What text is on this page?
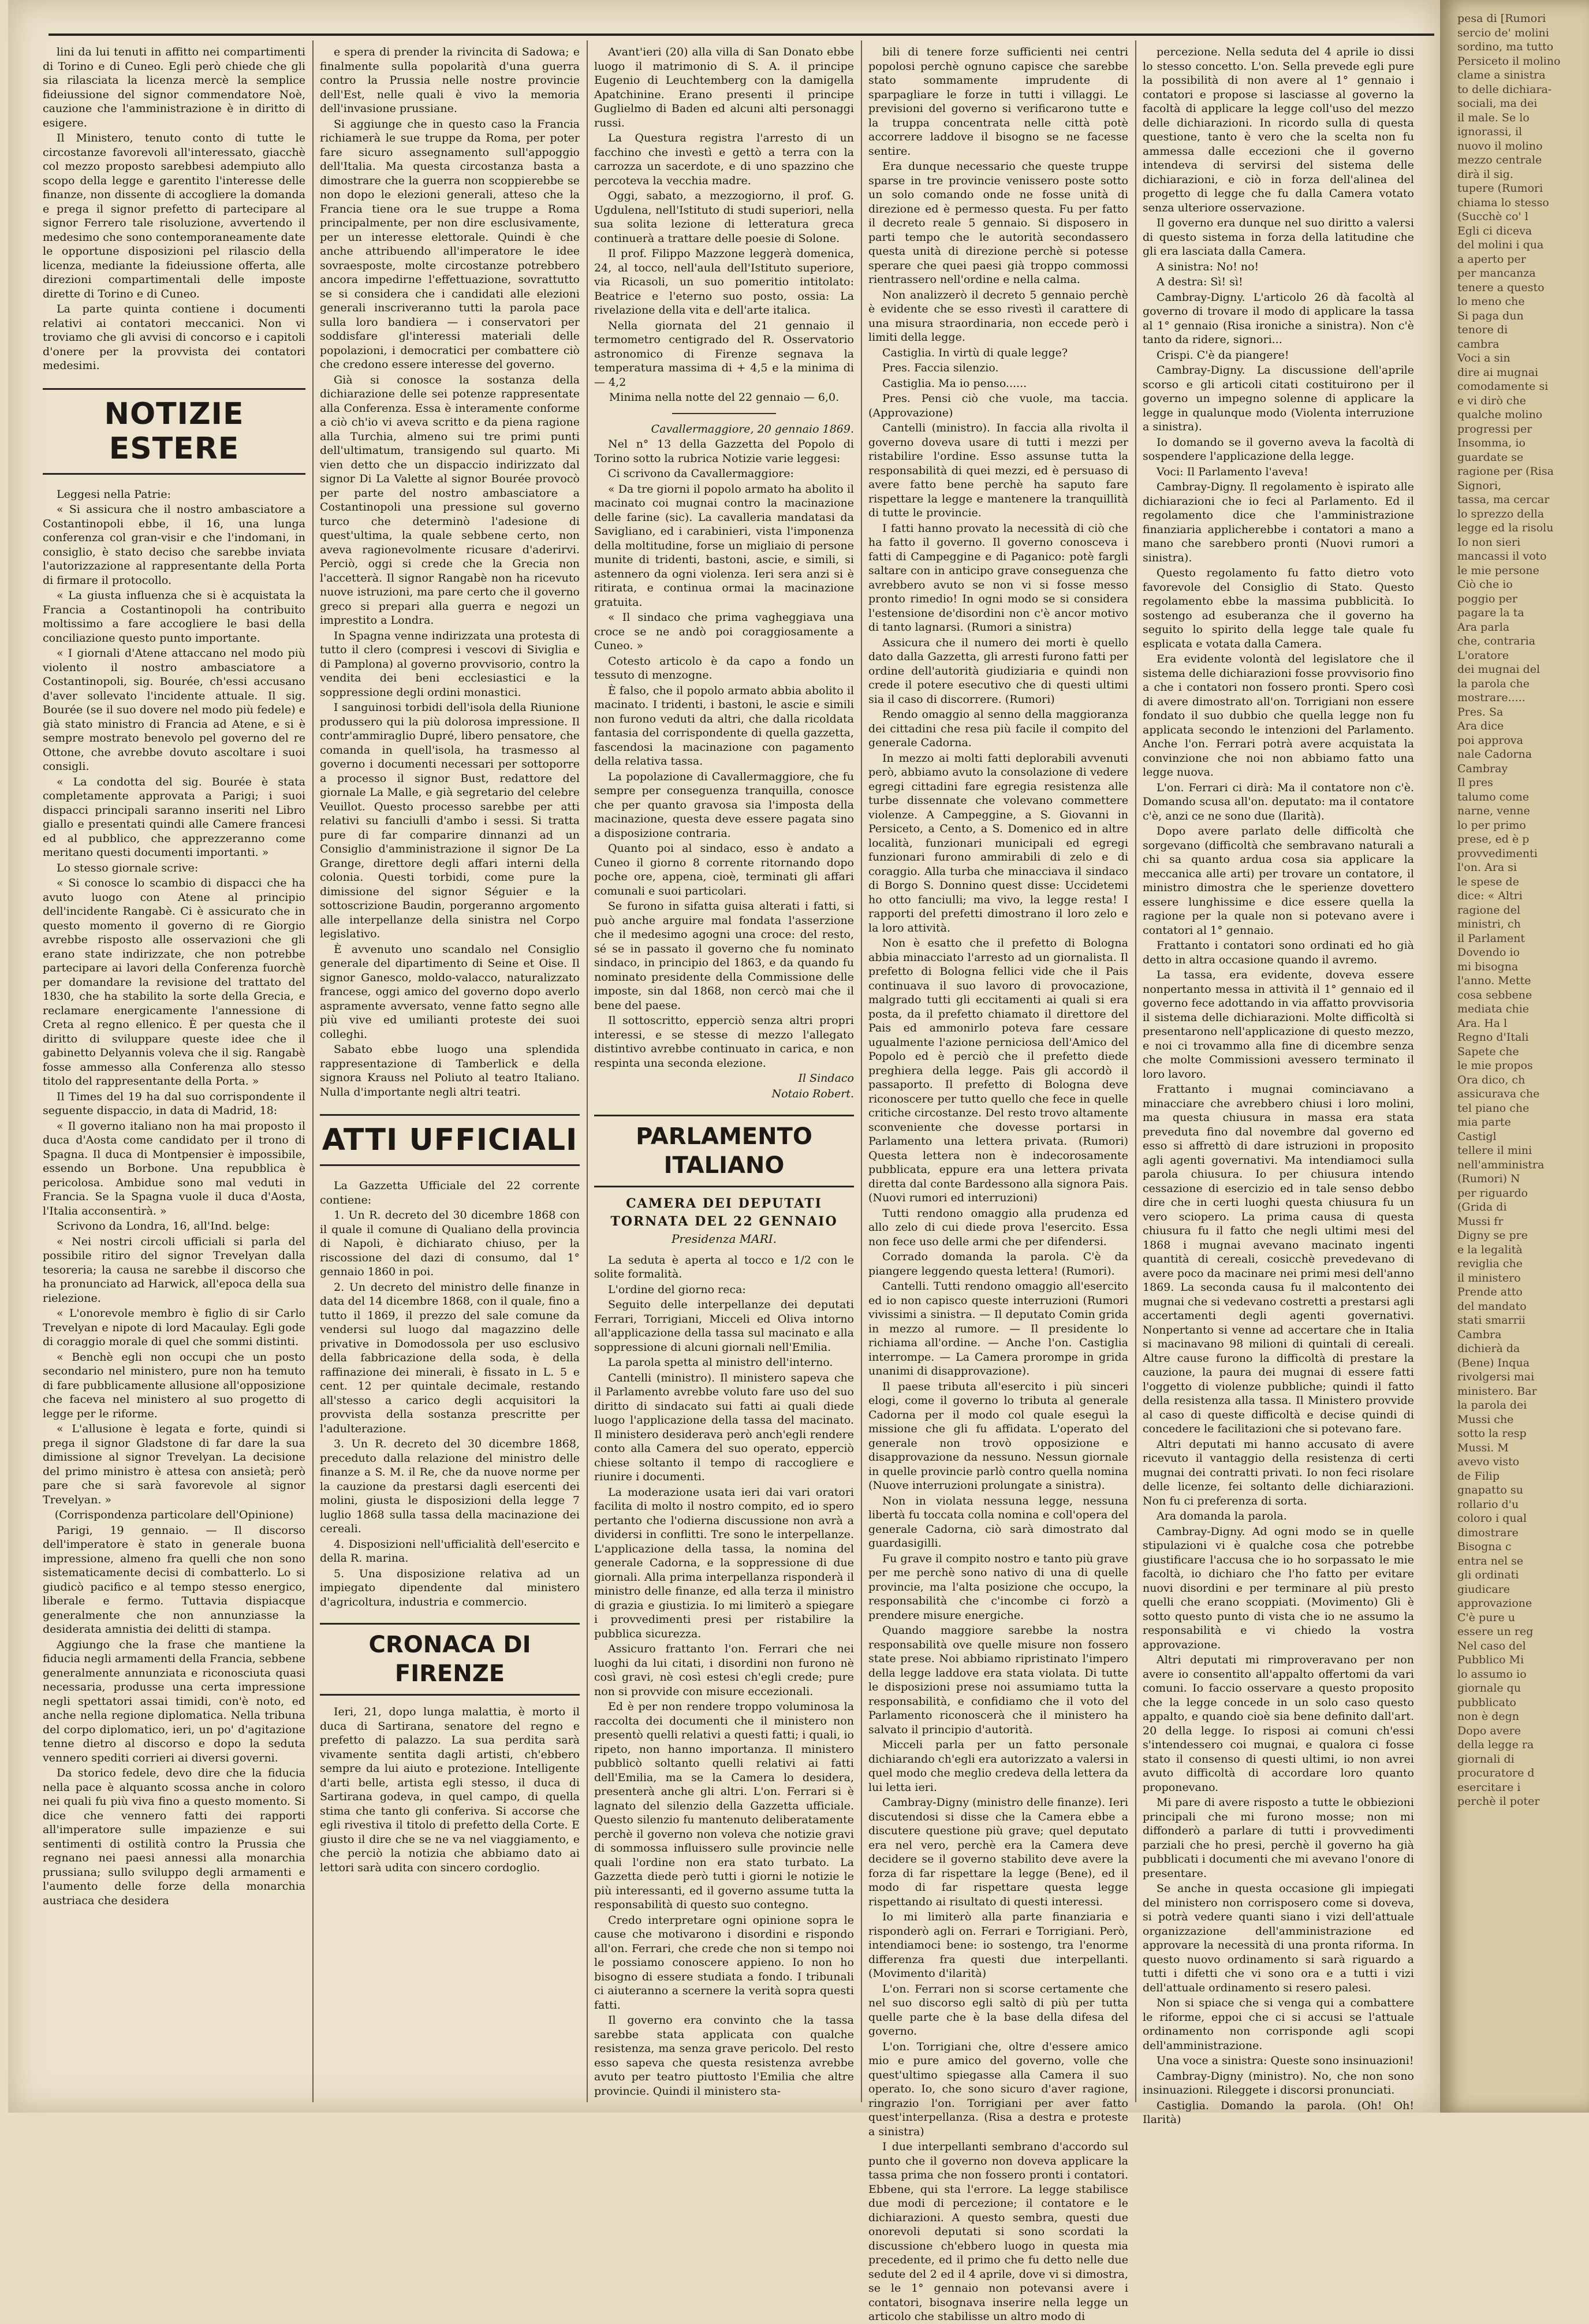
lini da lui tenuti in affitto nei compartimenti di Torino e di Cuneo. Egli però chiede che gli sia rilasciata la licenza mercè la semplice fideiussione del signor commendatore Noè, cauzione che l'amministrazione è in diritto di esigere.

Il Ministero, tenuto conto di tutte le circostanze favorevoli all'interessato, giacchè col mezzo proposto sarebbesi adempiuto allo scopo della legge e garentito l'interesse delle finanze, non dissente di accogliere la domanda e prega il signor prefetto di partecipare al signor Ferrero tale risoluzione, avvertendo il medesimo che sono contemporaneamente date le opportune disposizioni pel rilascio della licenza, mediante la fideiussione offerta, alle direzioni compartimentali delle imposte dirette di Torino e di Cuneo.

La parte quinta contiene i documenti relativi ai contatori meccanici. Non vi troviamo che gli avvisi di concorso e i capitoli d'onere per la provvista dei contatori medesimi.

NOTIZIE ESTERE

Leggesi nella Patrie:

« Si assicura che il nostro ambasciatore a Costantinopoli ebbe, il 16, una lunga conferenza col gran-visir e che l'indomani, in consiglio, è stato deciso che sarebbe inviata l'autorizzazione al rappresentante della Porta di firmare il protocollo.

« La giusta influenza che si è acquistata la Francia a Costantinopoli ha contribuito moltissimo a fare accogliere le basi della conciliazione questo punto importante.

« I giornali d'Atene attaccano nel modo più violento il nostro ambasciatore a Costantinopoli, sig. Bourée, ch'essi accusano d'aver sollevato l'incidente attuale. Il sig. Bourée (se il suo dovere nel modo più fedele) e già stato ministro di Francia ad Atene, e si è sempre mostrato benevolo pel governo del re Ottone, che avrebbe dovuto ascoltare i suoi consigli.

« La condotta del sig. Bourée è stata completamente approvata a Parigi; i suoi dispacci principali saranno inseriti nel Libro giallo e presentati quindi alle Camere francesi ed al pubblico, che apprezzeranno come meritano questi documenti importanti. »

Lo stesso giornale scrive:

« Si conosce lo scambio di dispacci che ha avuto luogo con Atene al principio dell'incidente Rangabè. Ci è assicurato che in questo momento il governo di re Giorgio avrebbe risposto alle osservazioni che gli erano state indirizzate, che non potrebbe partecipare ai lavori della Conferenza fuorchè per domandare la revisione del trattato del 1830, che ha stabilito la sorte della Grecia, e reclamare energicamente l'annessione di Creta al regno ellenico. È per questa che il diritto di sviluppare queste idee che il gabinetto Delyannis voleva che il sig. Rangabè fosse ammesso alla Conferenza allo stesso titolo del rappresentante della Porta. »

Il Times del 19 ha dal suo corrispondente il seguente dispaccio, in data di Madrid, 18:

« Il governo italiano non ha mai proposto il duca d'Aosta come candidato per il trono di Spagna. Il duca di Montpensier è impossibile, essendo un Borbone. Una repubblica è pericolosa. Ambidue sono mal veduti in Francia. Se la Spagna vuole il duca d'Aosta, l'Italia acconsentirà. »

Scrivono da Londra, 16, all'Ind. belge:

« Nei nostri circoli ufficiali si parla del possibile ritiro del signor Trevelyan dalla tesoreria; la causa ne sarebbe il discorso che ha pronunciato ad Harwick, all'epoca della sua rielezione.

« L'onorevole membro è figlio di sir Carlo Trevelyan e nipote di lord Macaulay. Egli gode di coraggio morale di quel che sommi distinti.

« Benchè egli non occupi che un posto secondario nel ministero, pure non ha temuto di fare pubblicamente allusione all'opposizione che faceva nel ministero al suo progetto di legge per le riforme.

« L'allusione è legata e forte, quindi si prega il signor Gladstone di far dare la sua dimissione al signor Trevelyan. La decisione del primo ministro è attesa con ansietà; però pare che si sarà favorevole al signor Trevelyan. »

(Corrispondenza particolare dell'Opinione)

Parigi, 19 gennaio. — Il discorso dell'imperatore è stato in generale buona impressione, almeno fra quelli che non sono sistematicamente decisi di combatterlo. Lo si giudicò pacifico e al tempo stesso energico, liberale e fermo. Tuttavia dispiacque generalmente che non annunziasse la desiderata amnistia dei delitti di stampa.

Aggiungo che la frase che mantiene la fiducia negli armamenti della Francia, sebbene generalmente annunziata e riconosciuta quasi necessaria, produsse una certa impressione negli spettatori assai timidi, con'è noto, ed anche nella regione diplomatica. Nella tribuna del corpo diplomatico, ieri, un po' d'agitazione tenne dietro al discorso e dopo la seduta vennero spediti corrieri ai diversi governi.

Da storico fedele, devo dire che la fiducia nella pace è alquanto scossa anche in coloro nei quali fu più viva fino a questo momento. Si dice che vennero fatti dei rapporti all'imperatore sulle impazienze e sui sentimenti di ostilità contro la Prussia che regnano nei paesi annessi alla monarchia prussiana; sullo sviluppo degli armamenti e l'aumento delle forze della monarchia austriaca che desidera

e spera di prender la rivincita di Sadowa; e finalmente sulla popolarità d'una guerra contro la Prussia nelle nostre provincie dell'Est, nelle quali è vivo la memoria dell'invasione prussiane.

Si aggiunge che in questo caso la Francia richiamerà le sue truppe da Roma, per poter fare sicuro assegnamento sull'appoggio dell'Italia. Ma questa circostanza basta a dimostrare che la guerra non scoppierebbe se non dopo le elezioni generali, atteso che la Francia tiene ora le sue truppe a Roma principalmente, per non dire esclusivamente, per un interesse elettorale. Quindi è che anche attribuendo all'imperatore le idee sovraesposte, molte circostanze potrebbero ancora impedirne l'effettuazione, sovrattutto se si considera che i candidati alle elezioni generali inscriveranno tutti la parola pace sulla loro bandiera — i conservatori per soddisfare gl'interessi materiali delle popolazioni, i democratici per combattere ciò che credono essere interesse del governo.

Già si conosce la sostanza della dichiarazione delle sei potenze rappresentate alla Conferenza. Essa è interamente conforme a ciò ch'io vi aveva scritto e da piena ragione alla Turchia, almeno sui tre primi punti dell'ultimatum, transigendo sul quarto. Mi vien detto che un dispaccio indirizzato dal signor Di La Valette al signor Bourée provocò per parte del nostro ambasciatore a Costantinopoli una pressione sul governo turco che determinò l'adesione di quest'ultima, la quale sebbene certo, non aveva ragionevolmente ricusare d'aderirvi. Perciò, oggi si crede che la Grecia non l'accetterà. Il signor Rangabè non ha ricevuto nuove istruzioni, ma pare certo che il governo greco si prepari alla guerra e negozi un imprestito a Londra.

In Spagna venne indirizzata una protesta di tutto il clero (compresi i vescovi di Siviglia e di Pamplona) al governo provvisorio, contro la vendita dei beni ecclesiastici e la soppressione degli ordini monastici.

I sanguinosi torbidi dell'isola della Riunione produssero qui la più dolorosa impressione. Il contr'ammiraglio Dupré, libero pensatore, che comanda in quell'isola, ha trasmesso al governo i documenti necessari per sottoporre a processo il signor Bust, redattore del giornale La Malle, e già segretario del celebre Veuillot. Questo processo sarebbe per atti relativi su fanciulli d'ambo i sessi. Si tratta pure di far comparire dinnanzi ad un Consiglio d'amministrazione il signor De La Grange, direttore degli affari interni della colonia. Questi torbidi, come pure la dimissione del signor Séguier e la sottoscrizione Baudin, porgeranno argomento alle interpellanze della sinistra nel Corpo legislativo.

È avvenuto uno scandalo nel Consiglio generale del dipartimento di Seine et Oise. Il signor Ganesco, moldo-valacco, naturalizzato francese, oggi amico del governo dopo averlo aspramente avversato, venne fatto segno alle più vive ed umilianti proteste dei suoi colleghi.

Sabato ebbe luogo una splendida rappresentazione di Tamberlick e della signora Krauss nel Poliuto al teatro Italiano. Nulla d'importante negli altri teatri.

ATTI UFFICIALI

La Gazzetta Ufficiale del 22 corrente contiene:

1. Un R. decreto del 30 dicembre 1868 con il quale il comune di Qualiano della provincia di Napoli, è dichiarato chiuso, per la riscossione del dazi di consumo, dal 1° gennaio 1860 in poi.

2. Un decreto del ministro delle finanze in data del 14 dicembre 1868, con il quale, fino a tutto il 1869, il prezzo del sale comune da vendersi sul luogo dal magazzino delle privative in Domodossola per uso esclusivo della fabbricazione della soda, è della raffinazione dei minerali, è fissato in L. 5 e cent. 12 per quintale decimale, restando all'stesso a carico degli acquisitori la provvista della sostanza prescritte per l'adulterazione.

3. Un R. decreto del 30 dicembre 1868, preceduto dalla relazione del ministro delle finanze a S. M. il Re, che da nuove norme per la cauzione da prestarsi dagli esercenti dei molini, giusta le disposizioni della legge 7 luglio 1868 sulla tassa della macinazione dei cereali.

4. Disposizioni nell'ufficialità dell'esercito e della R. marina.

5. Una disposizione relativa ad un impiegato dipendente dal ministero d'agricoltura, industria e commercio.

CRONACA DI FIRENZE

Ieri, 21, dopo lunga malattia, è morto il duca di Sartirana, senatore del regno e prefetto di palazzo. La sua perdita sarà vivamente sentita dagli artisti, ch'ebbero sempre da lui aiuto e protezione. Intelligente d'arti belle, artista egli stesso, il duca di Sartirana godeva, in quel campo, di quella stima che tanto gli conferiva. Si accorse che egli rivestiva il titolo di prefetto della Corte. E giusto il dire che se ne va nel viaggiamento, e che perciò la notizia che abbiamo dato ai lettori sarà udita con sincero cordoglio.

Avant'ieri (20) alla villa di San Donato ebbe luogo il matrimonio di S. A. il principe Eugenio di Leuchtemberg con la damigella Apatchinine. Erano presenti il principe Guglielmo di Baden ed alcuni alti personaggi russi.

La Questura registra l'arresto di un facchino che investì e gettò a terra con la carrozza un sacerdote, e di uno spazzino che percoteva la vecchia madre.

Oggi, sabato, a mezzogiorno, il prof. G. Ugdulena, nell'Istituto di studi superiori, nella sua solita lezione di letteratura greca continuerà a trattare delle poesie di Solone.

Il prof. Filippo Mazzone leggerà domenica, 24, al tocco, nell'aula dell'Istituto superiore, via Ricasoli, un suo pomeritio intitolato: Beatrice e l'eterno suo posto, ossia: La rivelazione della vita e dell'arte italica.

Nella giornata del 21 gennaio il termometro centigrado del R. Osservatorio astronomico di Firenze segnava la temperatura massima di + 4,5 e la minima di — 4,2

Minima nella notte del 22 gennaio — 6,0.

Cavallermaggiore, 20 gennaio 1869.

Nel n° 13 della Gazzetta del Popolo di Torino sotto la rubrica Notizie varie leggesi:

Ci scrivono da Cavallermaggiore:

« Da tre giorni il popolo armato ha abolito il macinato coi mugnai contro la macinazione delle farine (sic). La cavalleria mandatasi da Savigliano, ed i carabinieri, vista l'imponenza della moltitudine, forse un migliaio di persone munite di tridenti, bastoni, ascie, e simili, si astennero da ogni violenza. Ieri sera anzi si è ritirata, e continua ormai la macinazione gratuita.

« Il sindaco che prima vagheggiava una croce se ne andò poi coraggiosamente a Cuneo. »

Cotesto articolo è da capo a fondo un tessuto di menzogne.

È falso, che il popolo armato abbia abolito il macinato. I tridenti, i bastoni, le ascie e simili non furono veduti da altri, che dalla ricoldata fantasia del corrispondente di quella gazzetta, fascendosi la macinazione con pagamento della relativa tassa.

La popolazione di Cavallermaggiore, che fu sempre per conseguenza tranquilla, conosce che per quanto gravosa sia l'imposta della macinazione, questa deve essere pagata sino a disposizione contraria.

Quanto poi al sindaco, esso è andato a Cuneo il giorno 8 corrente ritornando dopo poche ore, appena, cioè, terminati gli affari comunali e suoi particolari.

Se furono in sifatta guisa alterati i fatti, si può anche arguire mal fondata l'asserzione che il medesimo agogni una croce: del resto, sé se in passato il governo che fu nominato sindaco, in principio del 1863, e da quando fu nominato presidente della Commissione delle imposte, sin dal 1868, non cercò mai che il bene del paese.

Il sottoscritto, epperciò senza altri propri interessi, e se stesse di mezzo l'allegato distintivo avrebbe continuato in carica, e non respinta una seconda elezione.

Il Sindaco

Notaio Robert.

PARLAMENTO ITALIANO
CAMERA DEI DEPUTATI
TORNATA DEL 22 GENNAIO
Presidenza MARI.

La seduta è aperta al tocco e 1/2 con le solite formalità.

L'ordine del giorno reca:

Seguito delle interpellanze dei deputati Ferrari, Torrigiani, Micceli ed Oliva intorno all'applicazione della tassa sul macinato e alla soppressione di alcuni giornali nell'Emilia.

La parola spetta al ministro dell'interno.

Cantelli (ministro). Il ministero sapeva che il Parlamento avrebbe voluto fare uso del suo diritto di sindacato sui fatti ai quali diede luogo l'applicazione della tassa del macinato. Il ministero desiderava però anch'egli rendere conto alla Camera del suo operato, epperciò chiese soltanto il tempo di raccogliere e riunire i documenti.

La moderazione usata ieri dai vari oratori facilita di molto il nostro compito, ed io spero pertanto che l'odierna discussione non avrà a dividersi in conflitti. Tre sono le interpellanze. L'applicazione della tassa, la nomina del generale Cadorna, e la soppressione di due giornali. Alla prima interpellanza risponderà il ministro delle finanze, ed alla terza il ministro di grazia e giustizia. Io mi limiterò a spiegare i provvedimenti presi per ristabilire la pubblica sicurezza.

Assicuro frattanto l'on. Ferrari che nei luoghi da lui citati, i disordini non furono nè così gravi, nè così estesi ch'egli crede; pure non si provvide con misure eccezionali.

Ed è per non rendere troppo voluminosa la raccolta dei documenti che il ministero non presentò quelli relativi a questi fatti; i quali, io ripeto, non hanno importanza. Il ministero pubblicò soltanto quelli relativi ai fatti dell'Emilia, ma se la Camera lo desidera, presenterà anche gli altri. L'on. Ferrari si è lagnato del silenzio della Gazzetta ufficiale. Questo silenzio fu mantenuto deliberatamente perchè il governo non voleva che notizie gravi di sommossa influissero sulle provincie nelle quali l'ordine non era stato turbato. La Gazzetta diede però tutti i giorni le notizie le più interessanti, ed il governo assume tutta la responsabilità di questo suo contegno.

Credo interpretare ogni opinione sopra le cause che motivarono i disordini e rispondo all'on. Ferrari, che crede che non si tempo noi le possiamo conoscere appieno. Io non ho bisogno di essere studiata a fondo. I tribunali ci aiuteranno a scernere la verità sopra questi fatti.

Il governo era convinto che la tassa sarebbe stata applicata con qualche resistenza, ma senza grave pericolo. Del resto esso sapeva che questa resistenza avrebbe avuto per teatro piuttosto l'Emilia che altre provincie. Quindi il ministero sta-

bili di tenere forze sufficienti nei centri popolosi perchè ognuno capisce che sarebbe stato sommamente imprudente di sparpagliare le forze in tutti i villaggi. Le previsioni del governo si verificarono tutte e la truppa concentrata nelle città potè accorrere laddove il bisogno se ne facesse sentire.

Era dunque necessario che queste truppe sparse in tre provincie venissero poste sotto un solo comando onde ne fosse unità di direzione ed è permesso questa. Fu per fatto il decreto reale 5 gennaio. Si disposero in parti tempo che le autorità secondassero questa unità di direzione perchè si potesse sperare che quei paesi già troppo commossi rientrassero nell'ordine e nella calma.

Non analizzerò il decreto 5 gennaio perchè è evidente che se esso rivestì il carattere di una misura straordinaria, non eccede però i limiti della legge.

Castiglia. In virtù di quale legge?

Pres. Faccia silenzio.

Castiglia. Ma io penso......

Pres. Pensi ciò che vuole, ma taccia. (Approvazione)

Cantelli (ministro). In faccia alla rivolta il governo doveva usare di tutti i mezzi per ristabilire l'ordine. Esso assunse tutta la responsabilità di quei mezzi, ed è persuaso di avere fatto bene perchè ha saputo fare rispettare la legge e mantenere la tranquillità di tutte le provincie.

I fatti hanno provato la necessità di ciò che ha fatto il governo. Il governo conosceva i fatti di Campeggine e di Paganico: potè fargli saltare con in anticipo grave conseguenza che avrebbero avuto se non vi si fosse messo pronto rimedio! In ogni modo se si considera l'estensione de'disordini non c'è ancor motivo di tanto lagnarsi. (Rumori a sinistra)

Assicura che il numero dei morti è quello dato dalla Gazzetta, gli arresti furono fatti per ordine dell'autorità giudiziaria e quindi non crede il potere esecutivo che di questi ultimi sia il caso di discorrere. (Rumori)

Rendo omaggio al senno della maggioranza dei cittadini che resa più facile il compito del generale Cadorna.

In mezzo ai molti fatti deplorabili avvenuti però, abbiamo avuto la consolazione di vedere egregi cittadini fare egregia resistenza alle turbe dissennate che volevano commettere violenze. A Campeggine, a S. Giovanni in Persiceto, a Cento, a S. Domenico ed in altre località, funzionari municipali ed egregi funzionari furono ammirabili di zelo e di coraggio. Alla turba che minacciava il sindaco di Borgo S. Donnino quest disse: Uccidetemi ho otto fanciulli; ma vivo, la legge resta! I rapporti del prefetti dimostrano il loro zelo e la loro attività.

Non è esatto che il prefetto di Bologna abbia minacciato l'arresto ad un giornalista. Il prefetto di Bologna fellici vide che il Pais continuava il suo lavoro di provocazione, malgrado tutti gli eccitamenti ai quali si era posta, da il prefetto chiamato il direttore del Pais ed ammonirlo poteva fare cessare ugualmente l'azione perniciosa dell'Amico del Popolo ed è perciò che il prefetto diede preghiera della legge. Pais gli accordò il passaporto. Il prefetto di Bologna deve riconoscere per tutto quello che fece in quelle critiche circostanze. Del resto trovo altamente sconveniente che dovesse portarsi in Parlamento una lettera privata. (Rumori) Questa lettera non è indecorosamente pubblicata, eppure era una lettera privata diretta dal conte Bardessono alla signora Pais. (Nuovi rumori ed interruzioni)

Tutti rendono omaggio alla prudenza ed allo zelo di cui diede prova l'esercito. Essa non fece uso delle armi che per difendersi.

Corrado domanda la parola. C'è da piangere leggendo questa lettera! (Rumori).

Cantelli. Tutti rendono omaggio all'esercito ed io non capisco queste interruzioni (Rumori vivissimi a sinistra. — Il deputato Comin grida in mezzo al rumore. — Il presidente lo richiama all'ordine. — Anche l'on. Castiglia interrompe. — La Camera prorompe in grida unanimi di disapprovazione).

Il paese tributa all'esercito i più sinceri elogi, come il governo lo tributa al generale Cadorna per il modo col quale eseguì la missione che gli fu affidata. L'operato del generale non trovò opposizione e disapprovazione da nessuno. Nessun giornale in quelle provincie parlò contro quella nomina (Nuove interruzioni prolungate a sinistra).

Non in violata nessuna legge, nessuna libertà fu toccata colla nomina e coll'opera del generale Cadorna, ciò sarà dimostrato dal guardasigilli.

Fu grave il compito nostro e tanto più grave per me perchè sono nativo di una di quelle provincie, ma l'alta posizione che occupo, la responsabilità che c'incombe ci forzò a prendere misure energiche.

Quando maggiore sarebbe la nostra responsabilità ove quelle misure non fossero state prese. Noi abbiamo ripristinato l'impero della legge laddove era stata violata. Di tutte le disposizioni prese noi assumiamo tutta la responsabilità, e confidiamo che il voto del Parlamento riconoscerà che il ministero ha salvato il principio d'autorità.

Micceli parla per un fatto personale dichiarando ch'egli era autorizzato a valersi in quel modo che meglio credeva della lettera da lui letta ieri.

Cambray-Digny (ministro delle finanze). Ieri discutendosi si disse che la Camera ebbe a discutere questione più grave; quel deputato era nel vero, perchè era la Camera deve decidere se il governo stabilito deve avere la forza di far rispettare la legge (Bene), ed il modo di far rispettare questa legge rispettando ai risultato di questi interessi.

Io mi limiterò alla parte finanziaria e risponderò agli on. Ferrari e Torrigiani. Però, intendiamoci bene: io sostengo, tra l'enorme differenza fra questi due interpellanti. (Movimento d'ilarità)

L'on. Ferrari non si scorse certamente che nel suo discorso egli saltò di più per tutta quelle parte che è la base della difesa del governo.

L'on. Torrigiani che, oltre d'essere amico mio e pure amico del governo, volle che quest'ultimo spiegasse alla Camera il suo operato. Io, che sono sicuro d'aver ragione, ringrazio l'on. Torrigiani per aver fatto quest'interpellanza. (Risa a destra e proteste a sinistra)

I due interpellanti sembrano d'accordo sul punto che il governo non doveva applicare la tassa prima che non fossero pronti i contatori. Ebbene, qui sta l'errore. La legge stabilisce due modi di percezione; il contatore e le dichiarazioni. A questo sembra, questi due onorevoli deputati si sono scordati la discussione ch'ebbero luogo in questa mia precedente, ed il primo che fu detto nelle due sedute del 2 ed il 4 aprile, dove vi si dimostra, se le 1° gennaio non potevansi avere i contatori, bisognava inserire nella legge un articolo che stabilisse un altro modo di

percezione. Nella seduta del 4 aprile io dissi lo stesso concetto. L'on. Sella prevede egli pure la possibilità di non avere al 1° gennaio i contatori e propose si lasciasse al governo la facoltà di applicare la legge coll'uso del mezzo delle dichiarazioni. In ricordo sulla di questa questione, tanto è vero che la scelta non fu ammessa dalle eccezioni che il governo intendeva di servirsi del sistema delle dichiarazioni, e ciò in forza dell'alinea del progetto di legge che fu dalla Camera votato senza ulteriore osservazione.

Il governo era dunque nel suo diritto a valersi di questo sistema in forza della latitudine che gli era lasciata dalla Camera.

A sinistra: No! no!

A destra: Sì! sì!

Cambray-Digny. L'articolo 26 dà facoltà al governo di trovare il modo di applicare la tassa al 1° gennaio (Risa ironiche a sinistra). Non c'è tanto da ridere, signori...

Crispi. C'è da piangere!

Cambray-Digny. La discussione dell'aprile scorso e gli articoli citati costituirono per il governo un impegno solenne di applicare la legge in qualunque modo (Violenta interruzione a sinistra).

Io domando se il governo aveva la facoltà di sospendere l'applicazione della legge.

Voci: Il Parlamento l'aveva!

Cambray-Digny. Il regolamento è ispirato alle dichiarazioni che io feci al Parlamento. Ed il regolamento dice che l'amministrazione finanziaria applicherebbe i contatori a mano a mano che sarebbero pronti (Nuovi rumori a sinistra).

Questo regolamento fu fatto dietro voto favorevole del Consiglio di Stato. Questo regolamento ebbe la massima pubblicità. Io sostengo ad esuberanza che il governo ha seguito lo spirito della legge tale quale fu esplicata e votata dalla Camera.

Era evidente volontà del legislatore che il sistema delle dichiarazioni fosse provvisorio fino a che i contatori non fossero pronti. Spero così di avere dimostrato all'on. Torrigiani non essere fondato il suo dubbio che quella legge non fu applicata secondo le intenzioni del Parlamento. Anche l'on. Ferrari potrà avere acquistata la convinzione che noi non abbiamo fatto una legge nuova.

L'on. Ferrari ci dirà: Ma il contatore non c'è. Domando scusa all'on. deputato: ma il contatore c'è, anzi ce ne sono due (Ilarità).

Dopo avere parlato delle difficoltà che sorgevano (difficoltà che sembravano naturali a chi sa quanto ardua cosa sia applicare la meccanica alle arti) per trovare un contatore, il ministro dimostra che le sperienze dovettero essere lunghissime e dice essere quella la ragione per la quale non si potevano avere i contatori al 1° gennaio.

Frattanto i contatori sono ordinati ed ho già detto in altra occasione quando il avremo.

La tassa, era evidente, doveva essere nonpertanto messa in attività il 1° gennaio ed il governo fece adottando in via affatto provvisoria il sistema delle dichiarazioni. Molte difficoltà si presentarono nell'applicazione di questo mezzo, e noi ci trovammo alla fine di dicembre senza che molte Commissioni avessero terminato il loro lavoro.

Frattanto i mugnai cominciavano a minacciare che avrebbero chiusi i loro molini, ma questa chiusura in massa era stata preveduta fino dal novembre dal governo ed esso si affrettò di dare istruzioni in proposito agli agenti governativi. Ma intendiamoci sulla parola chiusura. Io per chiusura intendo cessazione di esercizio ed in tale senso debbo dire che in certi luoghi questa chiusura fu un vero sciopero. La prima causa di questa chiusura fu il fatto che negli ultimi mesi del 1868 i mugnai avevano macinato ingenti quantità di cereali, cosicchè prevedevano di avere poco da macinare nei primi mesi dell'anno 1869. La seconda causa fu il malcontento dei mugnai che si vedevano costretti a prestarsi agli accertamenti degli agenti governativi. Nonpertanto si venne ad accertare che in Italia si macinavano 98 milioni di quintali di cereali. Altre cause furono la difficoltà di prestare la cauzione, la paura dei mugnai di essere fatti l'oggetto di violenze pubbliche; quindi il fatto della resistenza alla tassa. Il Ministero provvide al caso di queste difficoltà e decise quindi di concedere le facilitazioni che si potevano fare.

Altri deputati mi hanno accusato di avere ricevuto il vantaggio della resistenza di certi mugnai dei contratti privati. Io non feci risolare delle licenze, fei soltanto delle dichiarazioni. Non fu ci preferenza di sorta.

Ara domanda la parola.

Cambray-Digny. Ad ogni modo se in quelle stipulazioni vi è qualche cosa che potrebbe giustificare l'accusa che io ho sorpassato le mie facoltà, io dichiaro che l'ho fatto per evitare nuovi disordini e per terminare al più presto quelli che erano scoppiati. (Movimento) Gli è sotto questo punto di vista che io ne assumo la responsabilità e vi chiedo la vostra approvazione.

Altri deputati mi rimproveravano per non avere io consentito all'appalto offertomi da vari comuni. Io faccio osservare a questo proposito che la legge concede in un solo caso questo appalto, e quando cioè sia bene definito dall'art. 20 della legge. Io risposi ai comuni ch'essi s'intendessero coi mugnai, e qualora ci fosse stato il consenso di questi ultimi, io non avrei avuto difficoltà di accordare loro quanto proponevano.

Mi pare di avere risposto a tutte le obbiezioni principali che mi furono mosse; non mi diffonderò a parlare di tutti i provvedimenti parziali che ho presi, perchè il governo ha già pubblicati i documenti che mi avevano l'onore di presentare.

Se anche in questa occasione gli impiegati del ministero non corrisposero come si doveva, si potrà vedere quanti siano i vizi dell'attuale organizzazione dell'amministrazione ed approvare la necessità di una pronta riforma. In questo nuovo ordinamento si sarà riguardo a tutti i difetti che vi sono ora e a tutti i vizi dell'attuale ordinamento si resero palesi.

Non si spiace che si venga qui a combattere le riforme, eppoi che ci si accusi se l'attuale ordinamento non corrisponde agli scopi dell'amministrazione.

Una voce a sinistra: Queste sono insinuazioni!

Cambray-Digny (ministro). No, che non sono insinuazioni. Rileggete i discorsi pronunciati.

Castiglia. Domando la parola. (Oh! Oh! Ilarità)

pesa di [Rumori

sercio de' molini

sordino, ma tutto

Persiceto il molino

clame a sinistra

to delle dichiara-

sociali, ma dei

il male. Se lo

ignorassi, il

nuovo il molino

mezzo centrale

dirà il sig.

tupere (Rumori

chiama lo stesso

(Succhè co' l

Egli ci diceva

del molini i qua

a aperto per

per mancanza

tenere a questo

lo meno che

Si paga dun

tenore di

cambra

Voci a sin

dire ai mugnai

comodamente si

e vi dirò che

qualche molino

progressi per

Insomma, io

guardate se

ragione per (Risa

Signori,

tassa, ma cercar

lo sprezzo della

legge ed la risolu

Io non sieri

mancassi il voto

le mie persone

Ciò che io

poggio per

pagare la ta

Ara parla

che, contraria

L'oratore

dei mugnai del

la parola che

mostrare.....

Pres. Sa

Ara dice

poi approva

nale Cadorna

Cambray

Il pres

talumo come

narne, venne

lo per primo

prese, ed è p

provvedimenti

l'on. Ara si

le spese de

dice: « Altri

ragione del

ministri, ch

il Parlament

Dovendo io

mi bisogna

l'anno. Mette

cosa sebbene

mediata chie

Ara. Ha l

Regno d'Itali

Sapete che

le mie propos

Ora dico, ch

assicurava che

tel piano che

mia parte

Castigl

tellere il mini

nell'amministra

(Rumori) N

per riguardo

(Grida di

Mussi fr

Digny se pre

e la legalità

reviglia che

il ministero

Prende atto

del mandato

stati smarrii

Cambra

dichierà da

(Bene) Inqua

rivolgersi mai

ministero. Bar

la parola dei

Mussi che

sotto la resp

Mussi. M

avevo visto

de Filip

gnapatto su

rollario d'u

coloro i qual

dimostrare

Bisogna c

entra nel se

gli ordinati

giudicare

approvazione

C'è pure u

essere un reg

Nel caso del

Pubblico Mi

lo assumo io

giornale qu

pubblicato

non è degn

Dopo avere

della legge ra

giornali di

procuratore d

esercitare i

perchè il poter
